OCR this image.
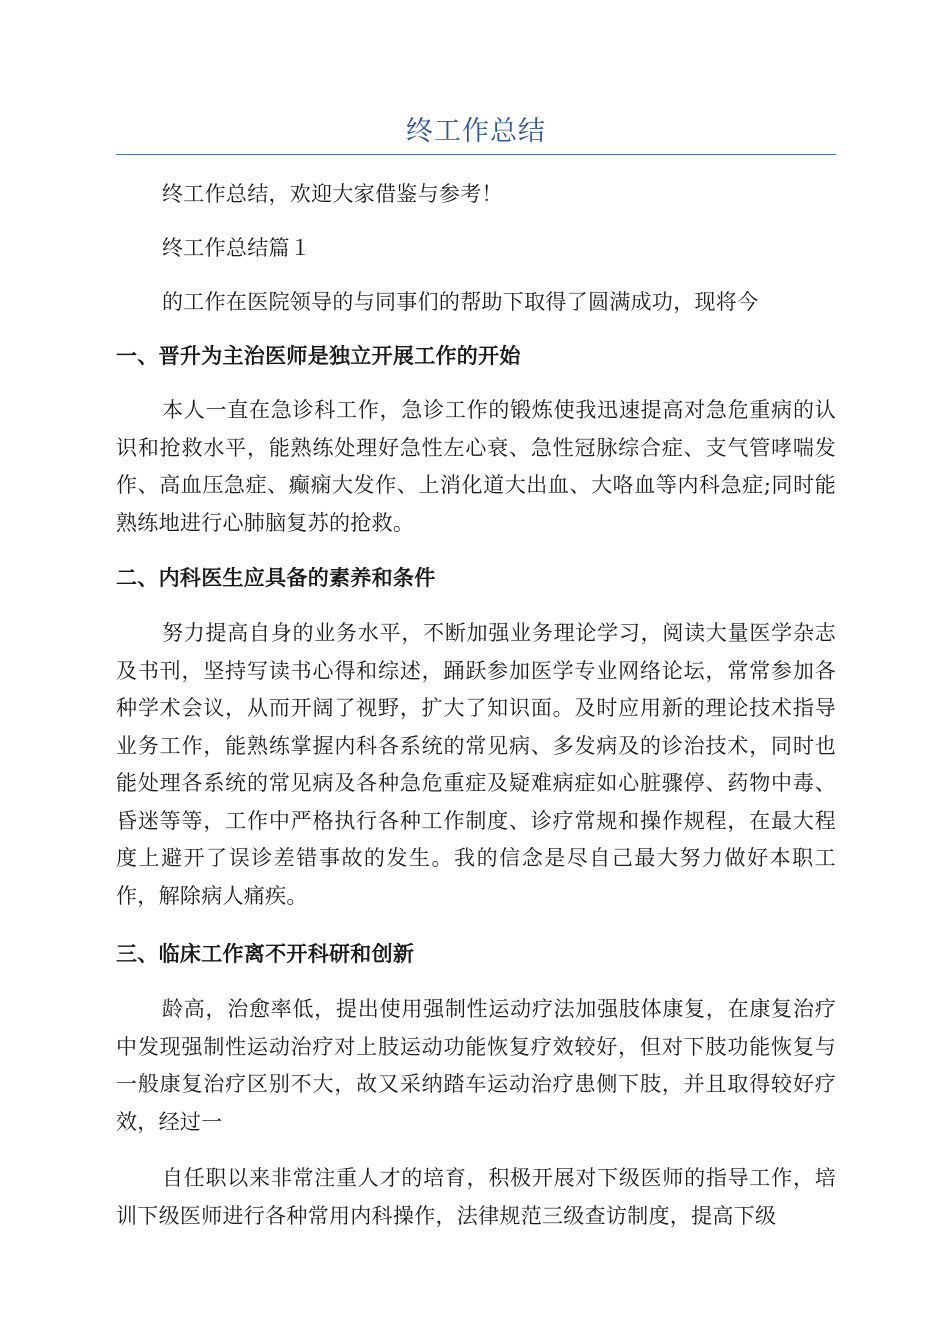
终工作总结

终工作总结，欢迎大家借鉴与参考！

终工作总结篇１

的工作在医院领导的与同事们的帮助下取得了圆满成功，现将今

一、晋升为主治医师是独立开展工作的开始

本人一直在急诊科工作，急诊工作的锻炼使我迅速提高对急危重病的认识和抢救水平，能熟练处理好急性左心衰、急性冠脉综合症、支气管哮喘发作、高血压急症、癫痫大发作、上消化道大出血、大咯血等内科急症;同时能熟练地进行心肺脑复苏的抢救。

二、内科医生应具备的素养和条件

努力提高自身的业务水平，不断加强业务理论学习，阅读大量医学杂志及书刊，坚持写读书心得和综述，踊跃参加医学专业网络论坛，常常参加各种学术会议，从而开阔了视野，扩大了知识面。及时应用新的理论技术指导业务工作，能熟练掌握内科各系统的常见病、多发病及的诊治技术，同时也能处理各系统的常见病及各种急危重症及疑难病症如心脏骤停、药物中毒、昏迷等等，工作中严格执行各种工作制度、诊疗常规和操作规程，在最大程度上避开了误诊差错事故的发生。我的信念是尽自己最大努力做好本职工作，解除病人痛疾。

三、临床工作离不开科研和创新

龄高，治愈率低，提出使用强制性运动疗法加强肢体康复，在康复治疗中发现强制性运动治疗对上肢运动功能恢复疗效较好，但对下肢功能恢复与一般康复治疗区别不大，故又采纳踏车运动治疗患侧下肢，并且取得较好疗效，经过一

自任职以来非常注重人才的培育，积极开展对下级医师的指导工作，培训下级医师进行各种常用内科操作，法律规范三级查访制度，提高下级
